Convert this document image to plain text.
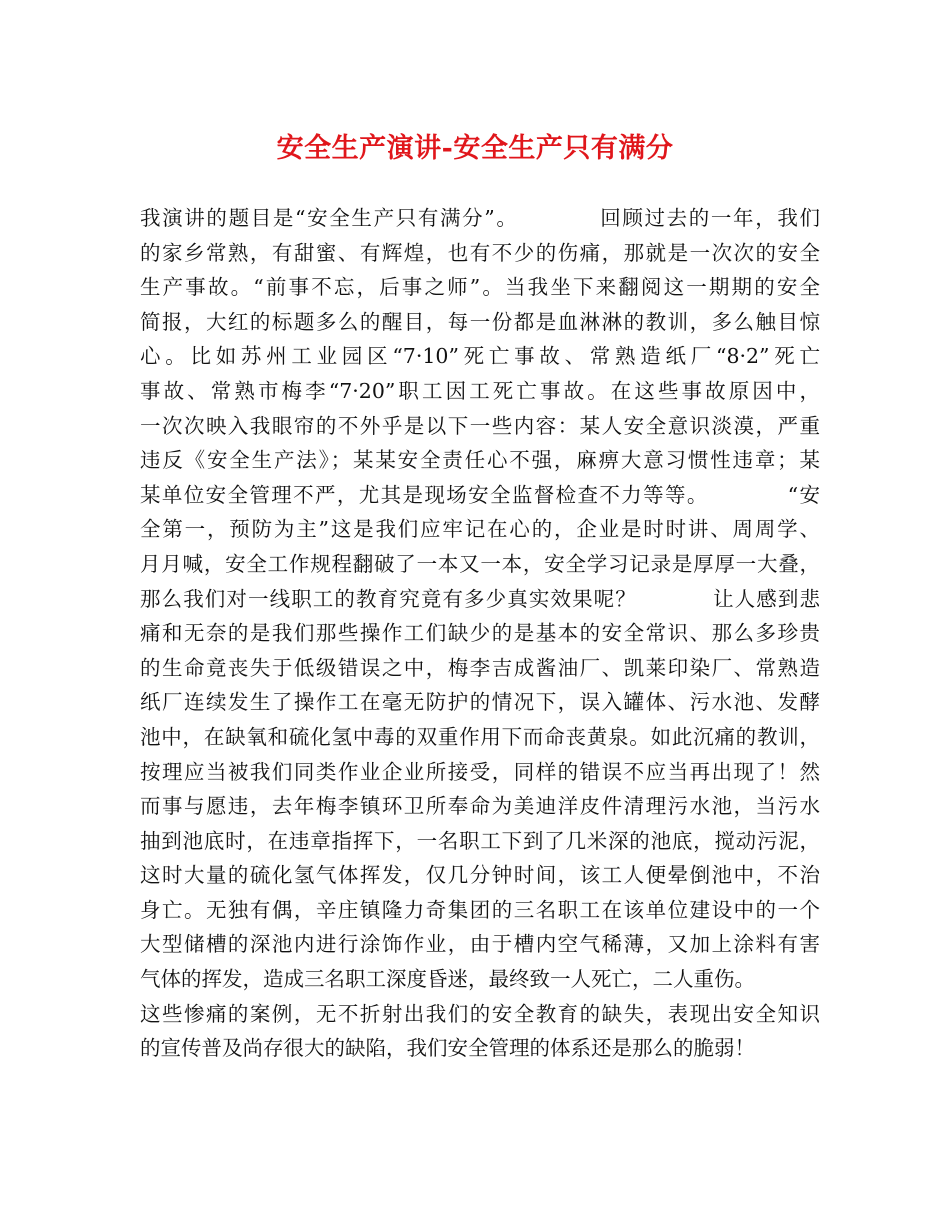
安全生产演讲-安全生产只有满分
我演讲的题目是“安全生产只有满分”。          回顾过去的一年，我们
的家乡常熟，有甜蜜、有辉煌，也有不少的伤痛，那就是一次次的安全
生产事故。“前事不忘，后事之师”。当我坐下来翻阅这一期期的安全
简报，大红的标题多么的醒目，每一份都是血淋淋的教训，多么触目惊
心。比如苏州工业园区“7·10”死亡事故、常熟造纸厂“8·2”死亡
事故、常熟市梅李“7·20”职工因工死亡事故。在这些事故原因中，
一次次映入我眼帘的不外乎是以下一些内容：某人安全意识淡漠，严重
违反《安全生产法》；某某安全责任心不强，麻痹大意习惯性违章；某
某单位安全管理不严，尤其是现场安全监督检查不力等等。          “安
全第一，预防为主”这是我们应牢记在心的，企业是时时讲、周周学、
月月喊，安全工作规程翻破了一本又一本，安全学习记录是厚厚一大叠，
那么我们对一线职工的教育究竟有多少真实效果呢？          让人感到悲
痛和无奈的是我们那些操作工们缺少的是基本的安全常识、那么多珍贵
的生命竟丧失于低级错误之中，梅李吉成酱油厂、凯莱印染厂、常熟造
纸厂连续发生了操作工在毫无防护的情况下，误入罐体、污水池、发酵
池中，在缺氧和硫化氢中毒的双重作用下而命丧黄泉。如此沉痛的教训，
按理应当被我们同类作业企业所接受，同样的错误不应当再出现了！然
而事与愿违，去年梅李镇环卫所奉命为美迪洋皮件清理污水池，当污水
抽到池底时，在违章指挥下，一名职工下到了几米深的池底，搅动污泥，
这时大量的硫化氢气体挥发，仅几分钟时间，该工人便晕倒池中，不治
身亡。无独有偶，辛庄镇隆力奇集团的三名职工在该单位建设中的一个
大型储槽的深池内进行涂饰作业，由于槽内空气稀薄，又加上涂料有害
气体的挥发，造成三名职工深度昏迷，最终致一人死亡，二人重伤。
这些惨痛的案例，无不折射出我们的安全教育的缺失，表现出安全知识
的宣传普及尚存很大的缺陷，我们安全管理的体系还是那么的脆弱！
